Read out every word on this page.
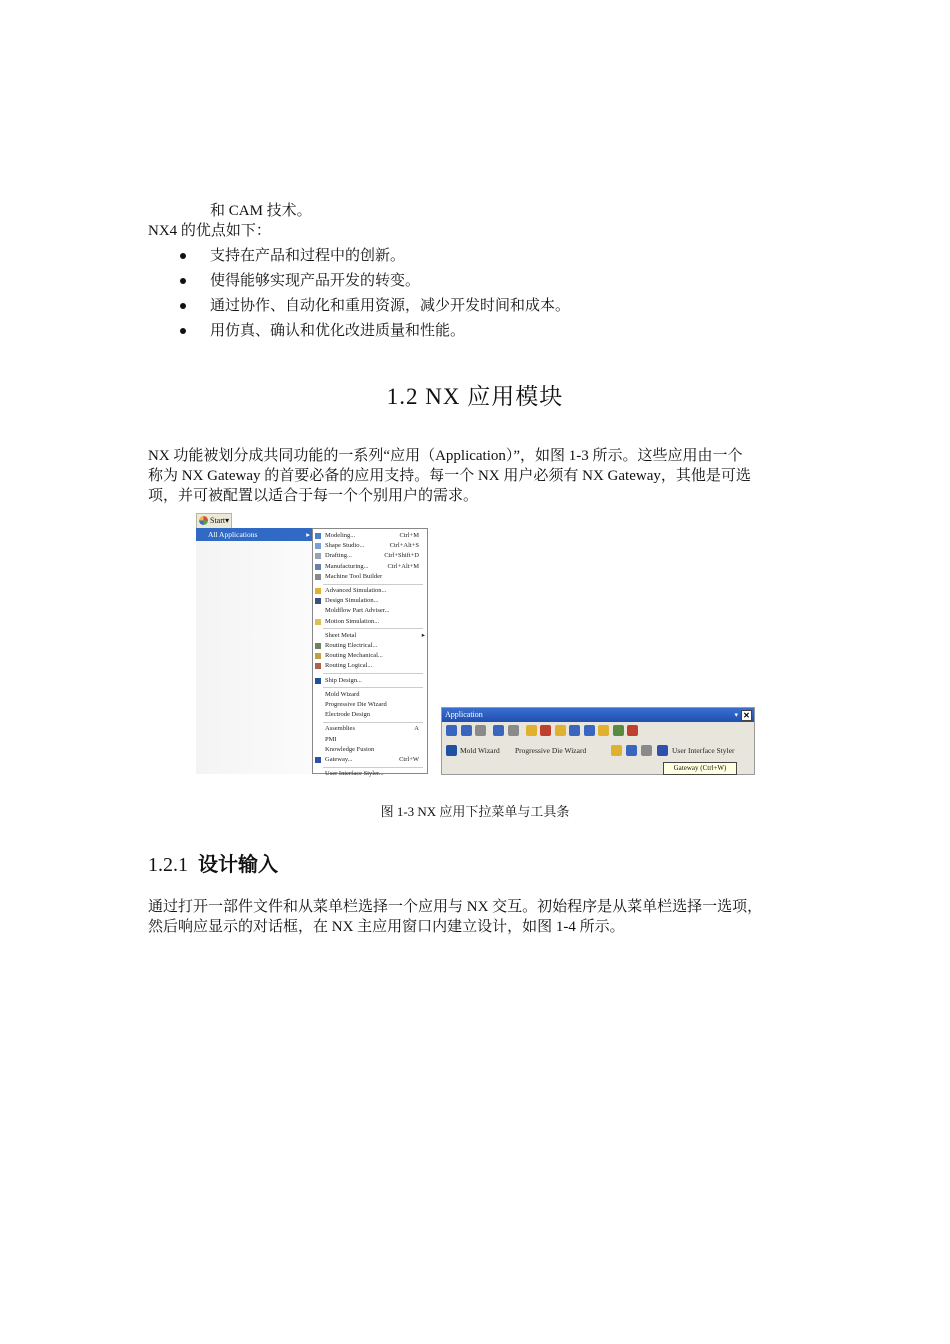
和 CAM 技术。
NX4 的优点如下：
支持在产品和过程中的创新。
使得能够实现产品开发的转变。
通过协作、自动化和重用资源，减少开发时间和成本。
用仿真、确认和优化改进质量和性能。
1.2 NX 应用模块
NX 功能被划分成共同功能的一系列“应用（Application）”，如图 1-3 所示。这些应用由一个
称为 NX Gateway 的首要必备的应用支持。每一个 NX 用户必须有 NX Gateway，其他是可选
项，并可被配置以适合于每一个个别用户的需求。
Start▾
All Applications	▸ Modeling...	Ctrl+M
Shape Studio...	Ctrl+Alt+S
Drafting...	Ctrl+Shift+D
Manufacturing...	Ctrl+Alt+M
Machine Tool Builder
Advanced Simulation...
Design Simulation...
Moldflow Part Adviser...
Motion Simulation...
Sheet Metal	▸
Routing Electrical...
Routing Mechanical...
Routing Logical...
Ship Design...
Mold Wizard
Progressive Die Wizard
Electrode Design
Assemblies	A
PMI
Knowledge Fusion
Gateway...	Ctrl+W
User Interface Styler...
Application	▾ ✕
Mold Wizard Progressive Die Wizard	User Interface Styler
Gateway (Ctrl+W)
图 1-3 NX 应用下拉菜单与工具条
1.2.1 设计输入
通过打开一部件文件和从菜单栏选择一个应用与 NX 交互。初始程序是从菜单栏选择一选项，
然后响应显示的对话框，在 NX 主应用窗口内建立设计，如图 1-4 所示。
